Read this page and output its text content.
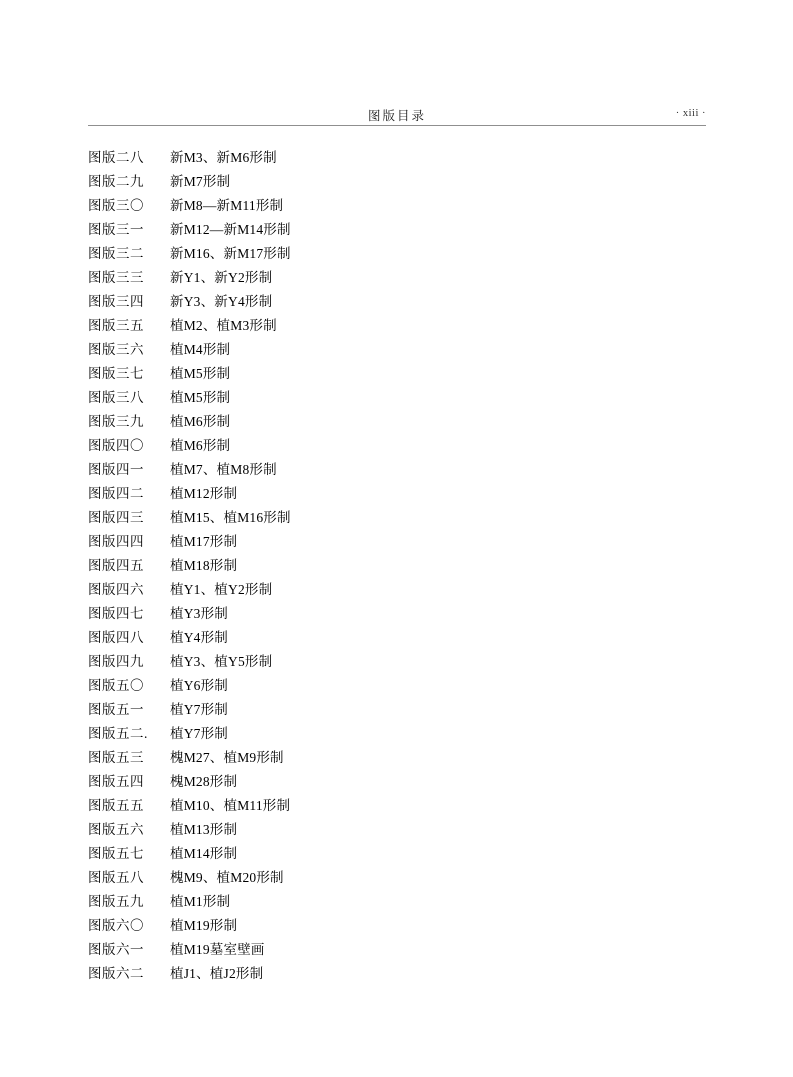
图版目录	· xiii ·
图版二八	新M3、新M6形制
图版二九	新M7形制
图版三〇	新M8—新M11形制
图版三一	新M12—新M14形制
图版三二	新M16、新M17形制
图版三三	新Y1、新Y2形制
图版三四	新Y3、新Y4形制
图版三五	植M2、植M3形制
图版三六	植M4形制
图版三七	植M5形制
图版三八	植M5形制
图版三九	植M6形制
图版四〇	植M6形制
图版四一	植M7、植M8形制
图版四二	植M12形制
图版四三	植M15、植M16形制
图版四四	植M17形制
图版四五	植M18形制
图版四六	植Y1、植Y2形制
图版四七	植Y3形制
图版四八	植Y4形制
图版四九	植Y3、植Y5形制
图版五〇	植Y6形制
图版五一	植Y7形制
图版五二.	植Y7形制
图版五三	槐M27、植M9形制
图版五四	槐M28形制
图版五五	植M10、植M11形制
图版五六	植M13形制
图版五七	植M14形制
图版五八	槐M9、植M20形制
图版五九	植M1形制
图版六〇	植M19形制
图版六一	植M19墓室壁画
图版六二	植J1、植J2形制
